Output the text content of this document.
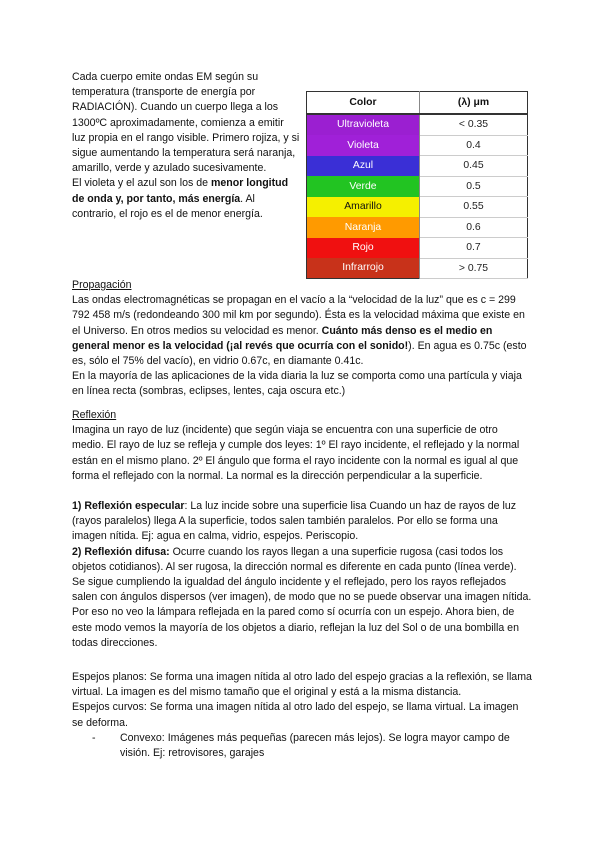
Cada cuerpo emite ondas EM según su temperatura (transporte de energía por RADIACIÓN). Cuando un cuerpo llega a los 1300ºC aproximadamente, comienza a emitir luz propia en el rango visible. Primero rojiza, y si sigue aumentando la temperatura será naranja, amarillo, verde y azulado sucesivamente.

El violeta y el azul son los de menor longitud de onda y, por tanto, más energía. Al contrario, el rojo es el de menor energía.

Color	(λ) μm
Ultravioleta	< 0.35
Violeta	0.4
Azul	0.45
Verde	0.5
Amarillo	0.55
Naranja	0.6
Rojo	0.7
Infrarrojo	> 0.75

Propagación

Las ondas electromagnéticas se propagan en el vacío a la “velocidad de la luz” que es c = 299 792 458 m/s (redondeando 300 mil km por segundo). Ésta es la velocidad máxima que existe en el Universo. En otros medios su velocidad es menor. Cuánto más denso es el medio en general menor es la velocidad (¡al revés que ocurría con el sonido!). En agua es 0.75c (esto es, sólo el 75% del vacío), en vidrio 0.67c, en diamante 0.41c.

En la mayoría de las aplicaciones de la vida diaria la luz se comporta como una partícula y viaja en línea recta (sombras, eclipses, lentes, caja oscura etc.)

Reflexión

Imagina un rayo de luz (incidente) que según viaja se encuentra con una superficie de otro medio. El rayo de luz se refleja y cumple dos leyes: 1º El rayo incidente, el reflejado y la normal están en el mismo plano. 2º El ángulo que forma el rayo incidente con la normal es igual al que forma el reflejado con la normal. La normal es la dirección perpendicular a la superficie.

1) Reflexión especular: La luz incide sobre una superficie lisa Cuando un haz de rayos de luz (rayos paralelos) llega A la superficie, todos salen también paralelos. Por ello se forma una imagen nítida. Ej: agua en calma, vidrio, espejos. Periscopio.

2) Reflexión difusa: Ocurre cuando los rayos llegan a una superficie rugosa (casi todos los objetos cotidianos). Al ser rugosa, la dirección normal es diferente en cada punto (línea verde). Se sigue cumpliendo la igualdad del ángulo incidente y el reflejado, pero los rayos reflejados salen con ángulos dispersos (ver imagen), de modo que no se puede observar una imagen nítida. Por eso no veo la lámpara reflejada en la pared como sí ocurría con un espejo. Ahora bien, de este modo vemos la mayoría de los objetos a diario, reflejan la luz del Sol o de una bombilla en todas direcciones.

Espejos planos: Se forma una imagen nítida al otro lado del espejo gracias a la reflexión, se llama virtual. La imagen es del mismo tamaño que el original y está a la misma distancia.

Espejos curvos: Se forma una imagen nítida al otro lado del espejo, se llama virtual. La imagen se deforma.

- Convexo: Imágenes más pequeñas (parecen más lejos). Se logra mayor campo de visión. Ej: retrovisores, garajes
